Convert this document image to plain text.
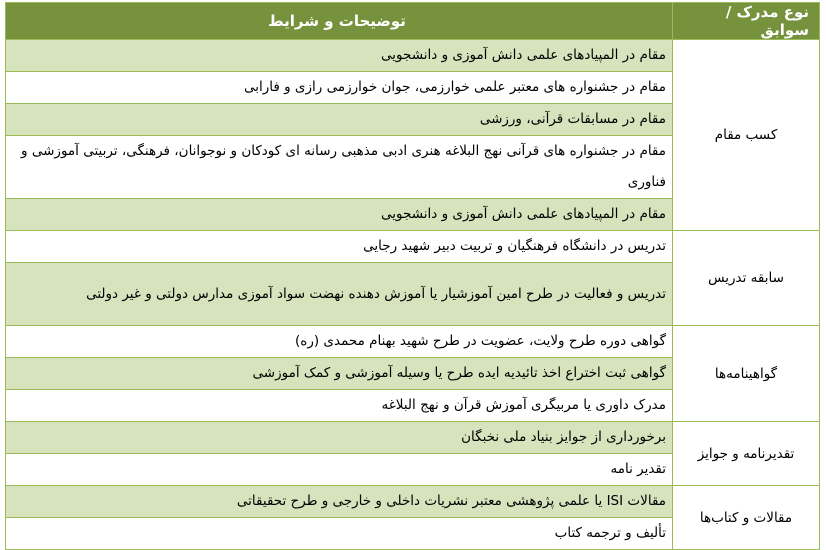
نوع مدرک /سوابق	توضیحات و شرایط
کسب مقام	مقام در المپیادهای علمی دانش آموزی و دانشجویی
	مقام در جشنواره های معتبر علمی خوارزمی، جوان خوارزمی رازی و فارابی
	مقام در مسابقات قرآنی، ورزشی
	مقام در جشنواره های قرآنی نهج البلاغه هنری ادبی مذهبی رسانه ای کودکان و نوجوانان، فرهنگی، تربیتی آموزشی و فناوری
	مقام در المپیادهای علمی دانش آموزی و دانشجویی
سابقه تدریس	تدریس در دانشگاه فرهنگیان و تربیت دبیر شهید رجایی
	تدریس و فعالیت در طرح امین آموزشیار یا آموزش دهنده نهضت سواد آموزی مدارس دولتی و غیر دولتی
گواهینامه‌ها	گواهی دوره طرح ولایت، عضویت در طرح شهید بهنام محمدی (ره)
	گواهی ثبت اختراع اخذ تائیدیه ایده طرح یا وسیله آموزشی و کمک آموزشی
	مدرک داوری یا مربیگری آموزش قرآن و نهج البلاغه
تقدیرنامه و جوایز	برخورداری از جوایز بنیاد ملی نخبگان
	تقدیر نامه
مقالات و کتاب‌ها	مقالات ISI یا علمی پژوهشی معتبر نشریات داخلی و خارجی و طرح تحقیقاتی
	تألیف و ترجمه کتاب
